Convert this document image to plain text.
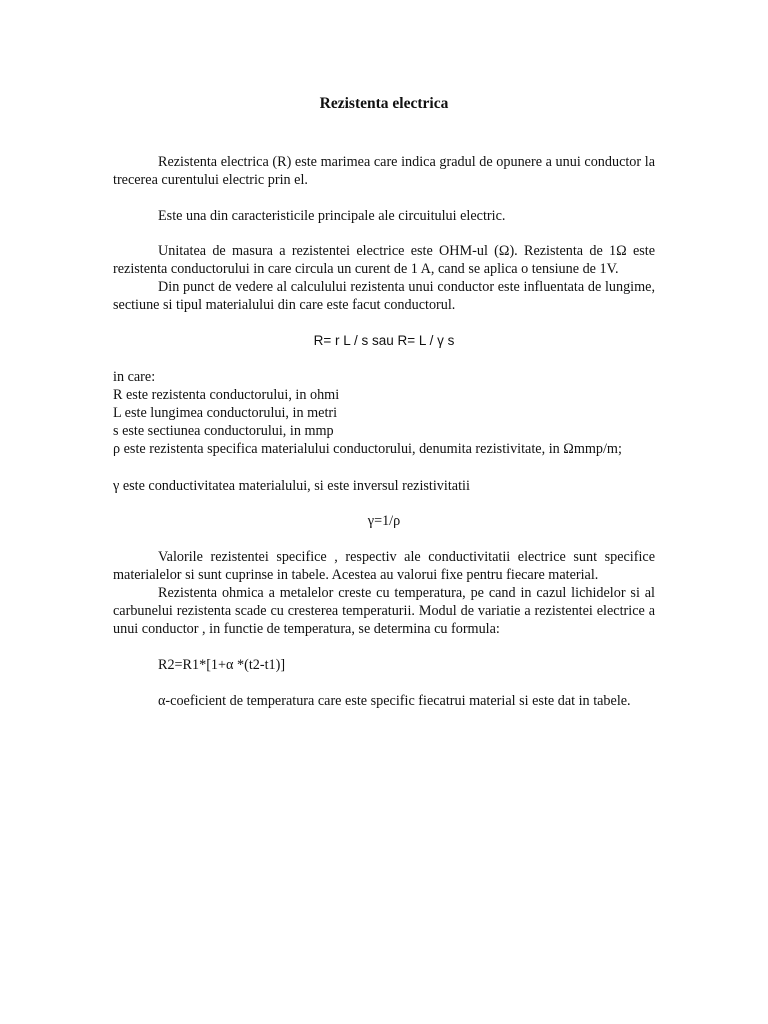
Rezistenta electrica

Rezistenta electrica (R) este marimea care indica gradul de opunere a unui conductor la trecerea curentului electric prin el.

Este una din caracteristicile principale ale circuitului electric.

Unitatea de masura a rezistentei electrice este OHM-ul (Ω). Rezistenta de 1Ω este rezistenta conductorului in care circula un curent de 1 A, cand se aplica o tensiune de 1V.

Din punct de vedere al calculului rezistenta unui conductor este influentata de lungime, sectiune si tipul materialului din care este facut conductorul.

R= r L / s sau R= L / γ s
in care:
R este rezistenta conductorului, in ohmi
L este lungimea conductorului, in metri
s este sectiunea conductorului, in mmp

ρ este rezistenta specifica materialului conductorului, denumita rezistivitate, in Ωmmp/m;

γ este conductivitatea materialului, si este inversul rezistivitatii
γ=1/ρ

Valorile rezistentei specifice , respectiv ale conductivitatii electrice sunt specifice materialelor si sunt cuprinse in tabele. Acestea au valorui fixe pentru fiecare material.

Rezistenta ohmica a metalelor creste cu temperatura, pe cand in cazul lichidelor si al carbunelui rezistenta scade cu cresterea temperaturii. Modul de variatie a rezistentei electrice a unui conductor , in functie de temperatura, se determina cu formula:

R2=R1*[1+α *(t2-t1)]

α-coeficient de temperatura care este specific fiecatrui material si este dat in tabele.
